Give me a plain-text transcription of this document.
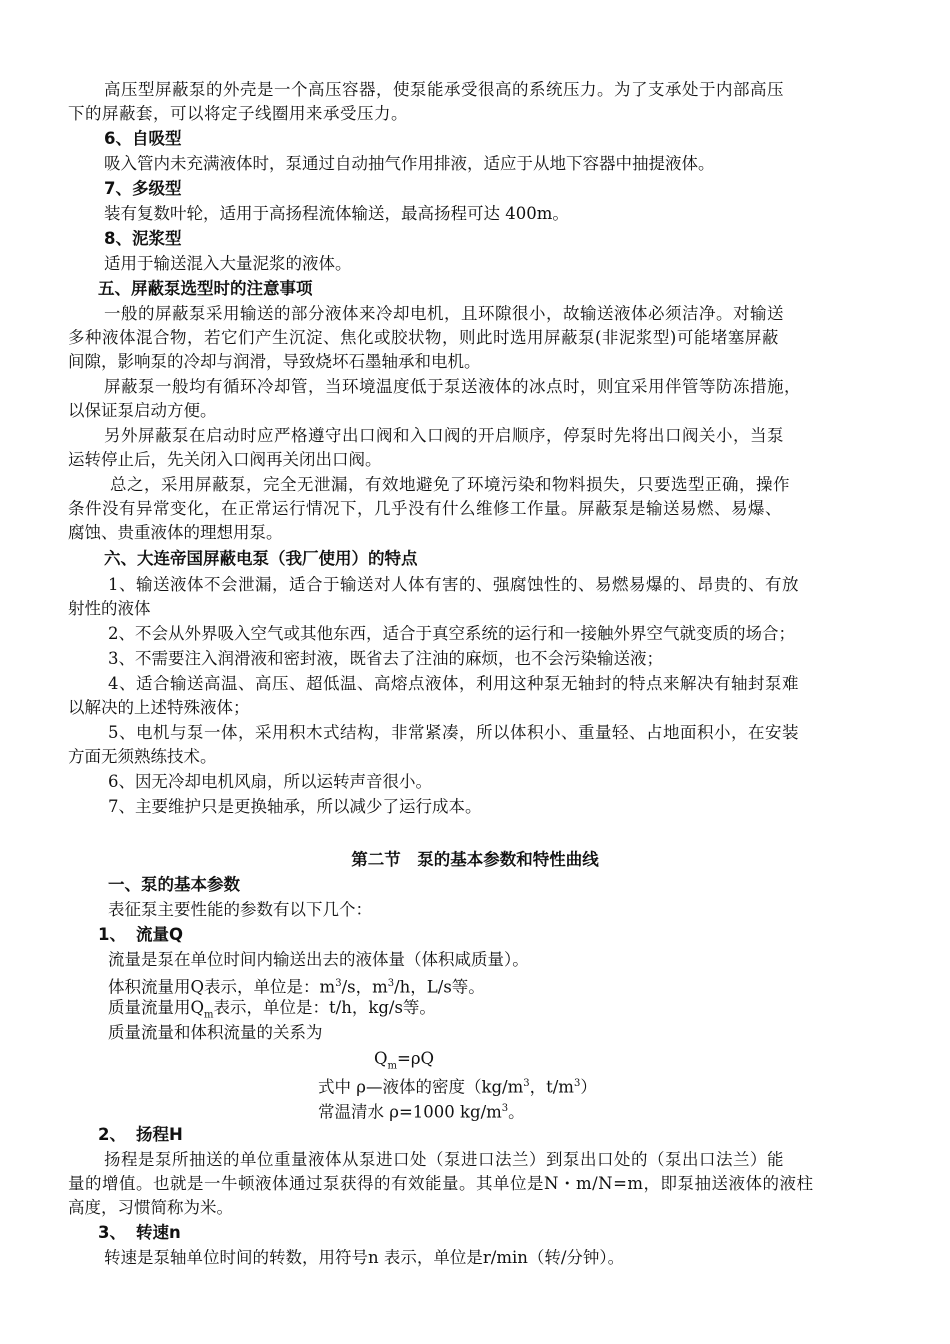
高压型屏蔽泵的外壳是一个高压容器，使泵能承受很高的系统压力。为了支承处于内部高压
下的屏蔽套，可以将定子线圈用来承受压力。
6、自吸型
吸入管内未充满液体时，泵通过自动抽气作用排液，适应于从地下容器中抽提液体。
7、多级型
装有复数叶轮，适用于高扬程流体输送，最高扬程可达 400m。
8、泥浆型
适用于输送混入大量泥浆的液体。
五、屏蔽泵选型时的注意事项
一般的屏蔽泵采用输送的部分液体来冷却电机，且环隙很小，故输送液体必须洁净。对输送
多种液体混合物，若它们产生沉淀、焦化或胶状物，则此时选用屏蔽泵(非泥浆型)可能堵塞屏蔽
间隙，影响泵的冷却与润滑，导致烧坏石墨轴承和电机。
屏蔽泵一般均有循环冷却管，当环境温度低于泵送液体的冰点时，则宜采用伴管等防冻措施，
以保证泵启动方便。
另外屏蔽泵在启动时应严格遵守出口阀和入口阀的开启顺序，停泵时先将出口阀关小，当泵
运转停止后，先关闭入口阀再关闭出口阀。
总之，采用屏蔽泵，完全无泄漏，有效地避免了环境污染和物料损失，只要选型正确，操作
条件没有异常变化，在正常运行情况下，几乎没有什么维修工作量。屏蔽泵是输送易燃、易爆、
腐蚀、贵重液体的理想用泵。
六、大连帝国屏蔽电泵（我厂使用）的特点
1、输送液体不会泄漏，适合于输送对人体有害的、强腐蚀性的、易燃易爆的、昂贵的、有放
射性的液体
2、不会从外界吸入空气或其他东西，适合于真空系统的运行和一接触外界空气就变质的场合；
3、不需要注入润滑液和密封液，既省去了注油的麻烦，也不会污染输送液；
4、适合输送高温、高压、超低温、高熔点液体，利用这种泵无轴封的特点来解决有轴封泵难
以解决的上述特殊液体；
5、电机与泵一体，采用积木式结构，非常紧凑，所以体积小、重量轻、占地面积小，在安装
方面无须熟练技术。
6、因无冷却电机风扇，所以运转声音很小。
7、主要维护只是更换轴承，所以减少了运行成本。
第二节　泵的基本参数和特性曲线
一、泵的基本参数
表征泵主要性能的参数有以下几个：
1、 流量Q
流量是泵在单位时间内输送出去的液体量（体积咸质量）。
体积流量用Q表示，单位是：$m^3/s$，$m^3/h$，L/s等。
质量流量用$Q_m$表示，单位是：t/h，kg/s等。
质量流量和体积流量的关系为
$Q_m=\rho Q$
式中 ρ—液体的密度（$kg/m^3$，$t/m^3$）
常温清水 ρ=1000 $kg/m^3$。
2、 扬程H
扬程是泵所抽送的单位重量液体从泵进口处（泵进口法兰）到泵出口处的（泵出口法兰）能
量的增值。也就是一牛顿液体通过泵获得的有效能量。其单位是N・m/N=m，即泵抽送液体的液柱
高度，习惯简称为米。
3、 转速n
转速是泵轴单位时间的转数，用符号n 表示，单位是r/min（转/分钟）。
